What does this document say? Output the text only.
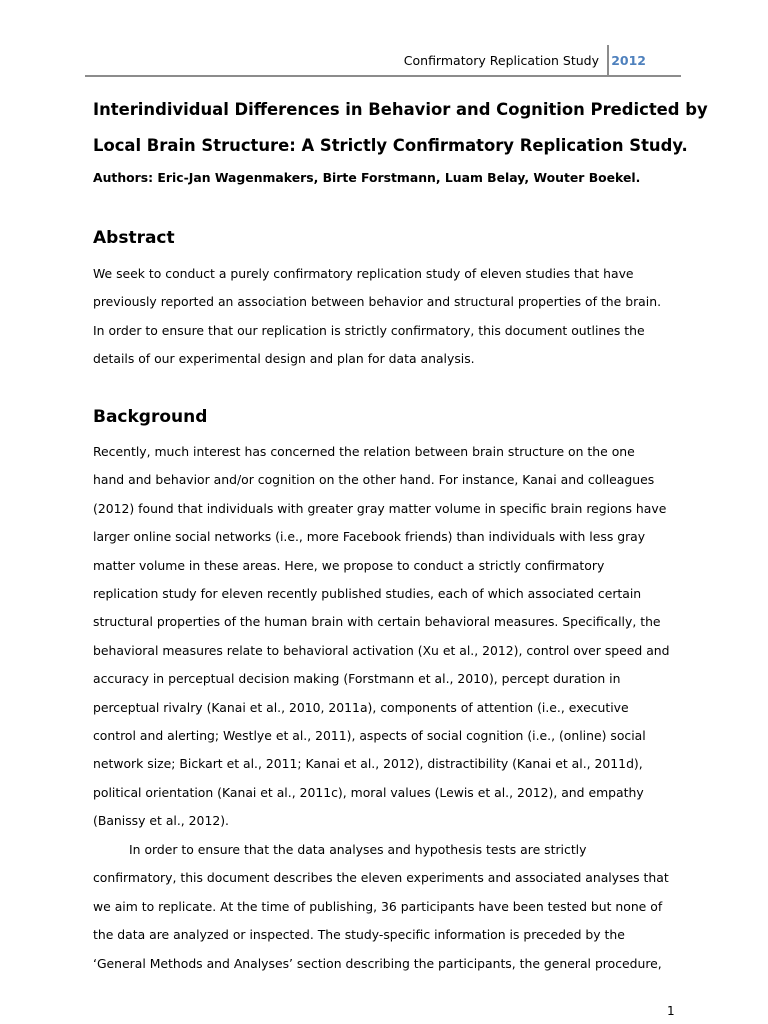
Confirmatory Replication Study 2012
Interindividual Differences in Behavior and Cognition Predicted by
Local Brain Structure: A Strictly Confirmatory Replication Study.

Authors: Eric-Jan Wagenmakers, Birte Forstmann, Luam Belay, Wouter Boekel.

Abstract

We seek to conduct a purely confirmatory replication study of eleven studies that have
previously reported an association between behavior and structural properties of the brain.
In order to ensure that our replication is strictly confirmatory, this document outlines the
details of our experimental design and plan for data analysis.

Background

Recently, much interest has concerned the relation between brain structure on the one
hand and behavior and/or cognition on the other hand. For instance, Kanai and colleagues
(2012) found that individuals with greater gray matter volume in specific brain regions have
larger online social networks (i.e., more Facebook friends) than individuals with less gray
matter volume in these areas. Here, we propose to conduct a strictly confirmatory
replication study for eleven recently published studies, each of which associated certain
structural properties of the human brain with certain behavioral measures. Specifically, the
behavioral measures relate to behavioral activation (Xu et al., 2012), control over speed and
accuracy in perceptual decision making (Forstmann et al., 2010), percept duration in
perceptual rivalry (Kanai et al., 2010, 2011a), components of attention (i.e., executive
control and alerting; Westlye et al., 2011), aspects of social cognition (i.e., (online) social
network size; Bickart et al., 2011; Kanai et al., 2012), distractibility (Kanai et al., 2011d),
political orientation (Kanai et al., 2011c), moral values (Lewis et al., 2012), and empathy
(Banissy et al., 2012).

In order to ensure that the data analyses and hypothesis tests are strictly
confirmatory, this document describes the eleven experiments and associated analyses that
we aim to replicate. At the time of publishing, 36 participants have been tested but none of
the data are analyzed or inspected. The study-specific information is preceded by the
‘General Methods and Analyses’ section describing the participants, the general procedure,

1
